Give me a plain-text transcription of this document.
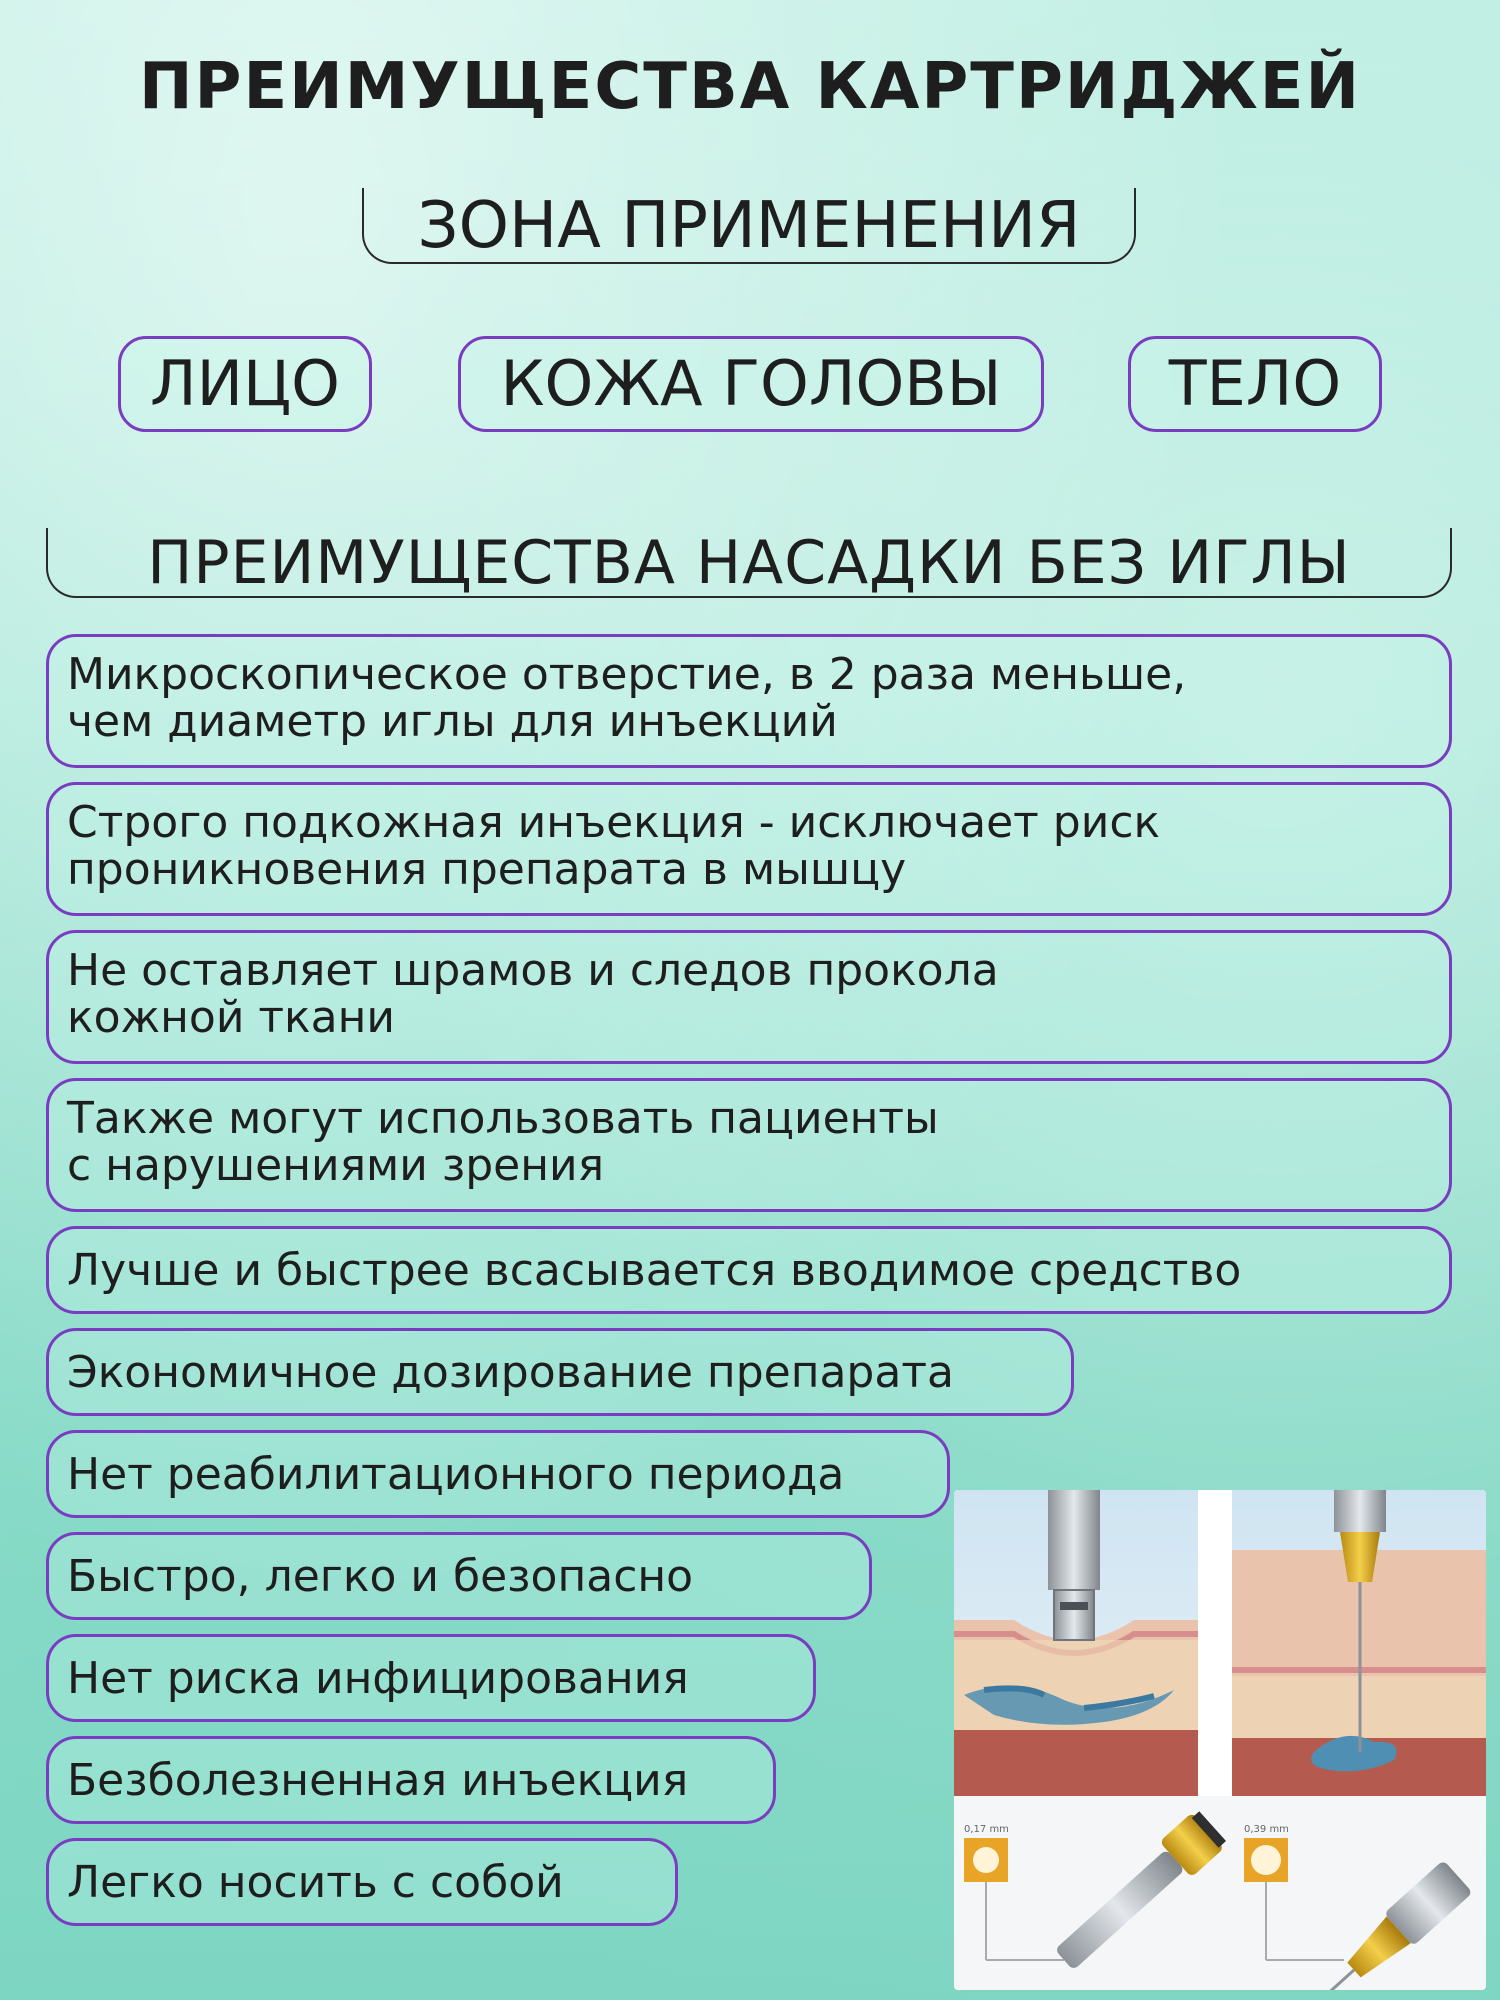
ПРЕИМУЩЕСТВА КАРТРИДЖЕЙ
ЗОНА ПРИМЕНЕНИЯ
ЛИЦО	КОЖА ГОЛОВЫ	ТЕЛО
ПРЕИМУЩЕСТВА НАСАДКИ БЕЗ ИГЛЫ
Микроскопическое отверстие, в 2 раза меньше,
чем диаметр иглы для инъекций
Строго подкожная инъекция - исключает риск
проникновения препарата в мышцу
Не оставляет шрамов и следов прокола
кожной ткани
Также могут использовать пациенты
с нарушениями зрения
Лучше и быстрее всасывается вводимое средство
Экономичное дозирование препарата
Нет реабилитационного периода
Быстро, легко и безопасно
Нет риска инфицирования
Безболезненная инъекция
Легко носить с собой
0,17 mm	0,39 mm
